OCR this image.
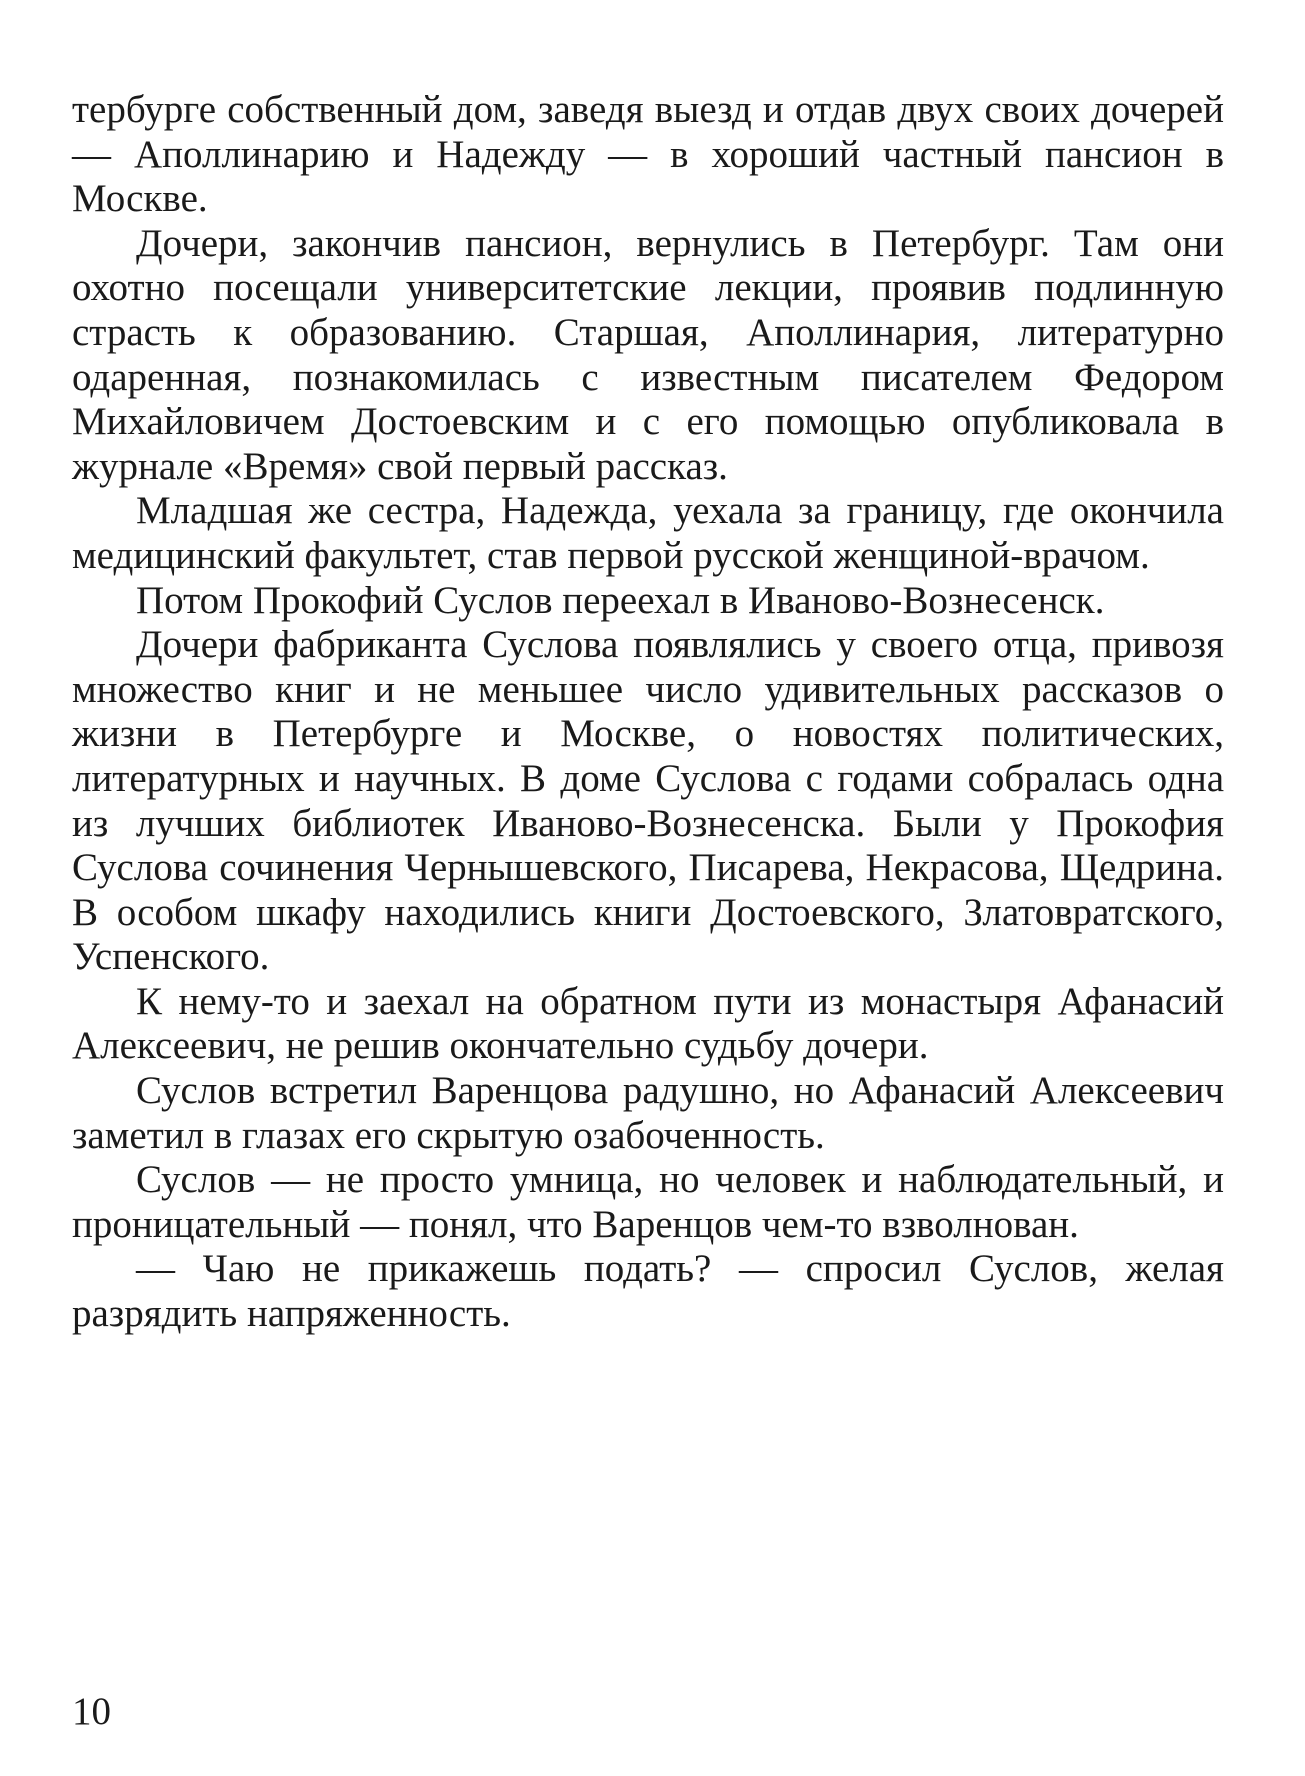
тербурге собственный дом, заведя выезд и отдав двух своих дочерей — Аполлинарию и Надежду — в хороший частный пансион в Москве.

Дочери, закончив пансион, вернулись в Петербург. Там они охотно посещали университетские лекции, проявив подлинную страсть к образованию. Старшая, Аполлинария, литературно одаренная, познакомилась с известным писателем Федором Михайловичем Достоевским и с его помощью опубликовала в журнале «Время» свой первый рассказ.

Младшая же сестра, Надежда, уехала за границу, где окончила медицинский факультет, став первой русской женщиной-врачом.

Потом Прокофий Суслов переехал в Иваново-Вознесенск.

Дочери фабриканта Суслова появлялись у своего отца, привозя множество книг и не меньшее число удивительных рассказов о жизни в Петербурге и Москве, о новостях политических, литературных и научных. В доме Суслова с годами собралась одна из лучших библиотек Иваново-Вознесенска. Были у Прокофия Суслова сочинения Чернышевского, Писарева, Некрасова, Щедрина. В особом шкафу находились книги Достоевского, Златовратского, Успенского.

К нему-то и заехал на обратном пути из монастыря Афанасий Алексеевич, не решив окончательно судьбу дочери.

Суслов встретил Варенцова радушно, но Афанасий Алексеевич заметил в глазах его скрытую озабоченность.

Суслов — не просто умница, но человек и наблюдательный, и проницательный — понял, что Варенцов чем-то взволнован.

— Чаю не прикажешь подать? — спросил Суслов, желая разрядить напряженность.

10
